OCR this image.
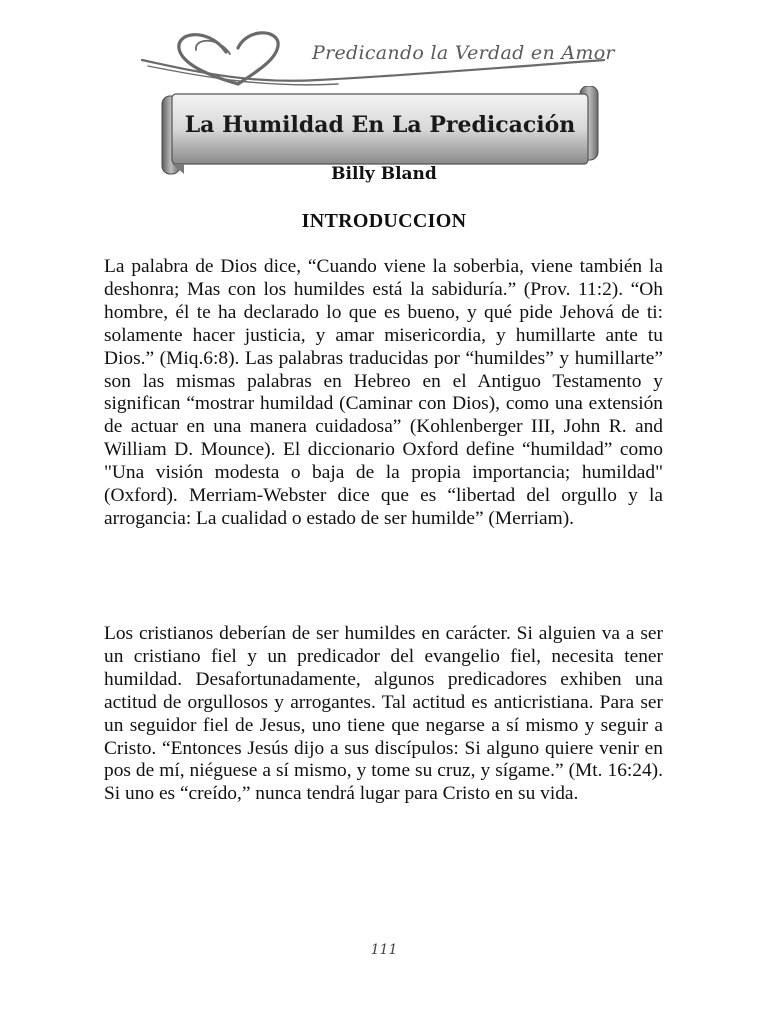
Predicando la Verdad en Amor
La Humildad En La Predicación
Billy Bland
INTRODUCCION

La palabra de Dios dice, “Cuando viene la soberbia, viene también la deshonra; Mas con los humildes está la sabiduría.” (Prov. 11:2). “Oh hombre, él te ha declarado lo que es bueno, y qué pide Jehová de ti: solamente hacer justicia, y amar misericordia, y humillarte ante tu Dios.” (Miq.6:8). Las palabras traducidas por “humildes” y humillarte” son las mismas palabras en Hebreo en el Antiguo Testamento y significan “mostrar humildad (Caminar con Dios), como una extensión de actuar en una manera cuidadosa” (Kohlenberger III, John R. and William D. Mounce). El diccionario Oxford define “humildad” como "Una visión modesta o baja de la propia importancia; humildad" (Oxford). Merriam-Webster dice que es “libertad del orgullo y la arrogancia: La cualidad o estado de ser humilde” (Merriam).

Los cristianos deberían de ser humildes en carácter. Si alguien va a ser un cristiano fiel y un predicador del evangelio fiel, necesita tener humildad. Desafortunadamente, algunos predicadores exhiben una actitud de orgullosos y arrogantes. Tal actitud es anticristiana. Para ser un seguidor fiel de Jesus, uno tiene que negarse a sí mismo y seguir a Cristo. “Entonces Jesús dijo a sus discípulos: Si alguno quiere venir en pos de mí, niéguese a sí mismo, y tome su cruz, y sígame.” (Mt. 16:24). Si uno es “creído,” nunca tendrá lugar para Cristo en su vida.

111
